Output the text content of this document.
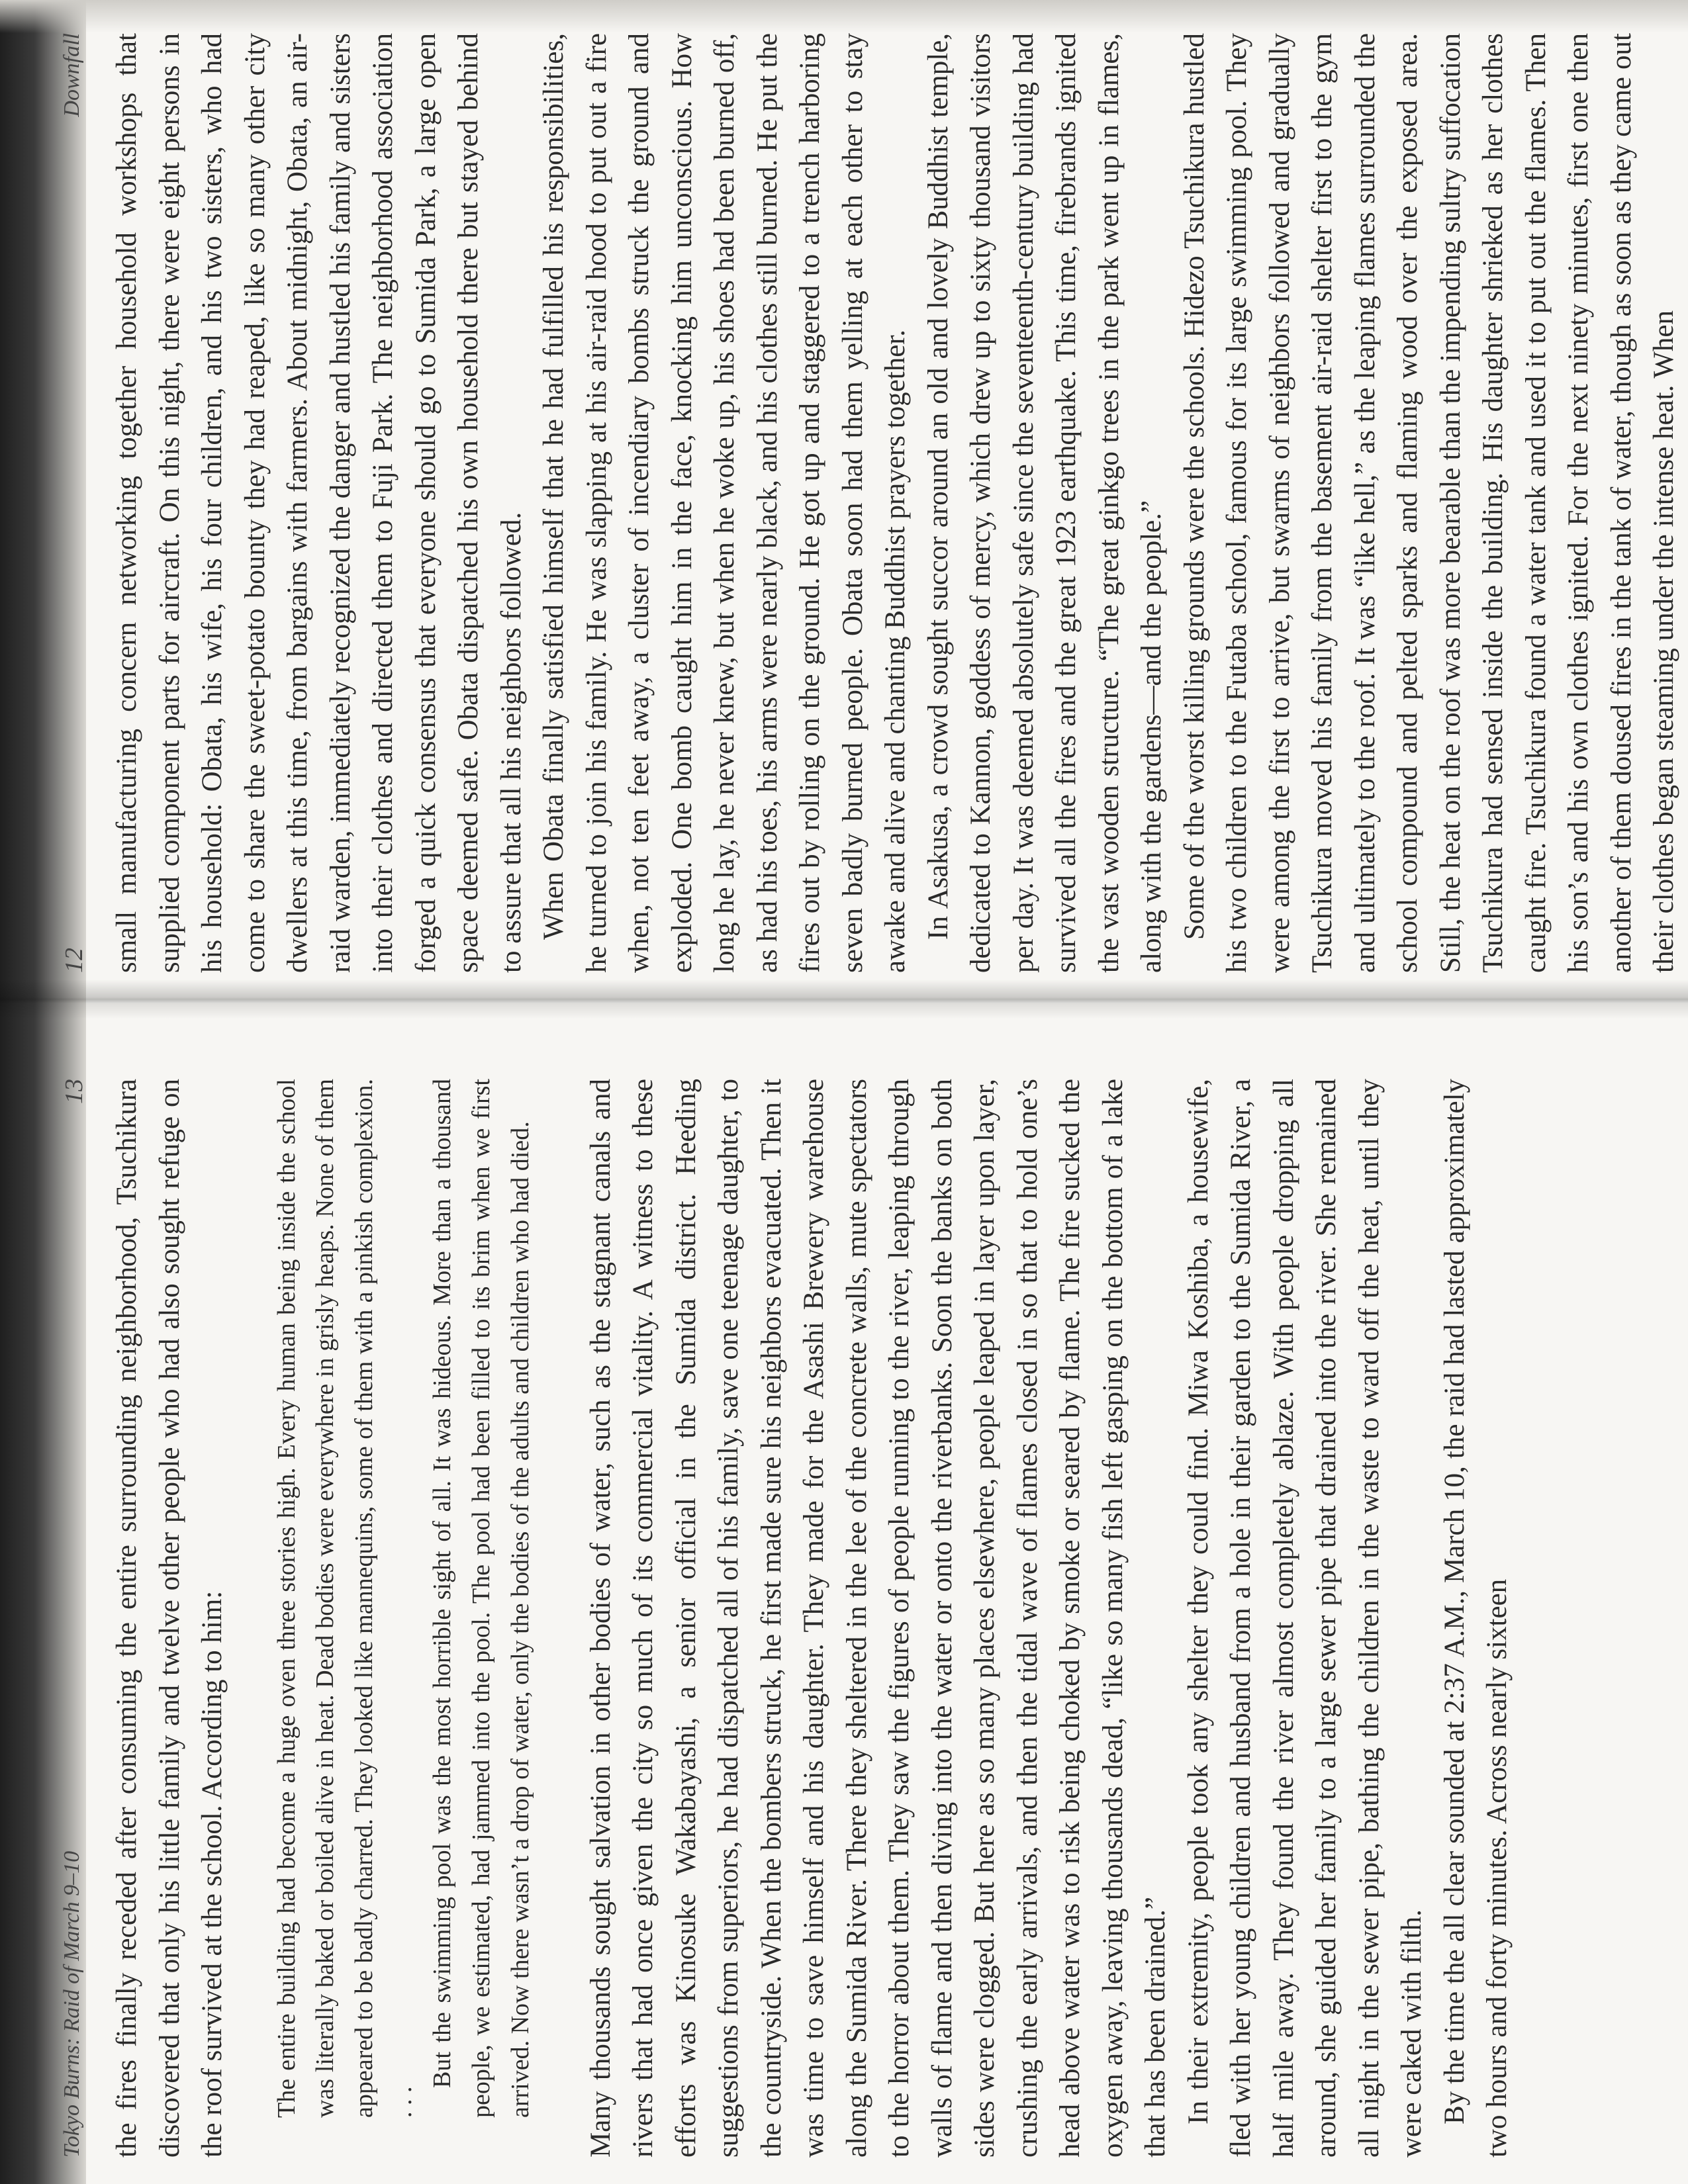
12
Downfall small manufacturing concern networking together household workshops that supplied component parts for aircraft. On this night, there were eight persons in his household: Obata, his wife, his four children, and his two sisters, who had come to share the sweet-potato bounty they had reaped, like so many other city dwellers at this time, from bargains with farmers. About midnight, Obata, an air-raid warden, immediately recognized the danger and hustled his family and sisters into their clothes and directed them to Fuji Park. The neighborhood association forged a quick consensus that everyone should go to Sumida Park, a large open space deemed safe. Obata dispatched his own household there but stayed behind to assure that all his neighbors followed. When Obata finally satisfied himself that he had fulfilled his responsibilities, he turned to join his family. He was slapping at his air-raid hood to put out a fire when, not ten feet away, a cluster of incendiary bombs struck the ground and exploded. One bomb caught him in the face, knocking him unconscious. How long he lay, he never knew, but when he woke up, his shoes had been burned off, as had his toes, his arms were nearly black, and his clothes still burned. He put the fires out by rolling on the ground. He got up and staggered to a trench harboring seven badly burned people. Obata soon had them yelling at each other to stay awake and alive and chanting Buddhist prayers together. In Asakusa, a crowd sought succor around an old and lovely Buddhist temple, dedicated to Kannon, goddess of mercy, which drew up to sixty thousand visitors per day. It was deemed absolutely safe since the seventeenth-century building had survived all the fires and the great 1923 earthquake. This time, firebrands ignited the vast wooden structure. “The great ginkgo trees in the park went up in flames, along with the gardens—and the people.” Some of the worst killing grounds were the schools. Hidezo Tsuchikura hustled his two children to the Futaba school, famous for its large swimming pool. They were among the first to arrive, but swarms of neighbors followed and gradually Tsuchikura moved his family from the basement air-raid shelter first to the gym and ultimately to the roof. It was “like hell,” as the leaping flames surrounded the school compound and pelted sparks and flaming wood over the exposed area. Still, the heat on the roof was more bearable than the impending sultry suffocation Tsuchikura had sensed inside the building. His daughter shrieked as her clothes caught fire. Tsuchikura found a water tank and used it to put out the flames. Then his son’s and his own clothes ignited. For the next ninety minutes, first one then another of them doused fires in the tank of water, though as soon as they came out their clothes began steaming under the intense heat. When

Tokyo Burns: Raid of March 9–10
13 the fires finally receded after consuming the entire surrounding neighborhood, Tsuchikura discovered that only his little family and twelve other people who had also sought refuge on the roof survived at the school. According to him: The entire building had become a huge oven three stories high. Every human being inside the school was literally baked or boiled alive in heat. Dead bodies were everywhere in grisly heaps. None of them appeared to be badly charred. They looked like mannequins, some of them with a pinkish complexion. . . .

But the swimming pool was the most horrible sight of all. It was hideous. More than a thousand people, we estimated, had jammed into the pool. The pool had been filled to its brim when we first arrived. Now there wasn’t a drop of water, only the bodies of the adults and children who had died. Many thousands sought salvation in other bodies of water, such as the stagnant canals and rivers that had once given the city so much of its commercial vitality. A witness to these efforts was Kinosuke Wakabayashi, a senior official in the Sumida district. Heeding suggestions from superiors, he had dispatched all of his family, save one teenage daughter, to the countryside. When the bombers struck, he first made sure his neighbors evacuated. Then it was time to save himself and his daughter. They made for the Asashi Brewery warehouse along the Sumida River. There they sheltered in the lee of the concrete walls, mute spectators to the horror about them. They saw the figures of people running to the river, leaping through walls of flame and then diving into the water or onto the riverbanks. Soon the banks on both sides were clogged. But here as so many places elsewhere, people leaped in layer upon layer, crushing the early arrivals, and then the tidal wave of flames closed in so that to hold one’s head above water was to risk being choked by smoke or seared by flame. The fire sucked the oxygen away, leaving thousands dead, “like so many fish left gasping on the bottom of a lake that has been drained.” In their extremity, people took any shelter they could find. Miwa Koshiba, a housewife, fled with her young children and husband from a hole in their garden to the Sumida River, a half mile away. They found the river almost completely ablaze. With people dropping all around, she guided her family to a large sewer pipe that drained into the river. She remained all night in the sewer pipe, bathing the children in the waste to ward off the heat, until they were caked with filth. By the time the all clear sounded at 2:37 A.M., March 10, the raid had lasted approximately two hours and forty minutes. Across nearly sixteen
